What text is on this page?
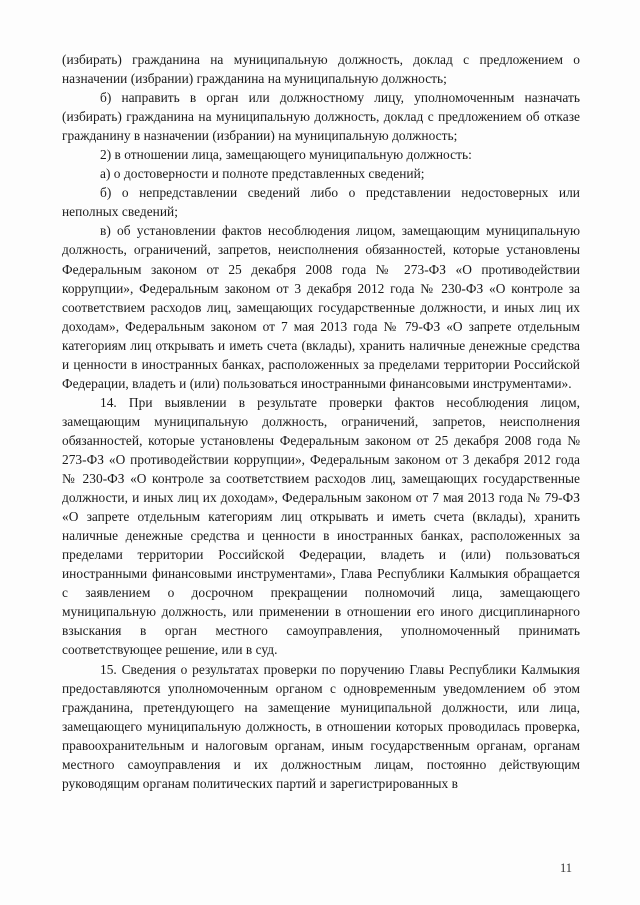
(избирать) гражданина на муниципальную должность, доклад с предложением о назначении (избрании) гражданина на муниципальную должность;

б) направить в орган или должностному лицу, уполномоченным назначать (избирать) гражданина на муниципальную должность, доклад с предложением об отказе гражданину в назначении (избрании) на муниципальную должность;

2) в отношении лица, замещающего муниципальную должность:

а) о достоверности и полноте представленных сведений;

б) о непредставлении сведений либо о представлении недостоверных или неполных сведений;

в) об установлении фактов несоблюдения лицом, замещающим муниципальную должность, ограничений, запретов, неисполнения обязанностей, которые установлены Федеральным законом от 25 декабря 2008 года № 273-ФЗ «О противодействии коррупции», Федеральным законом от 3 декабря 2012 года № 230-ФЗ «О контроле за соответствием расходов лиц, замещающих государственные должности, и иных лиц их доходам», Федеральным законом от 7 мая 2013 года № 79-ФЗ «О запрете отдельным категориям лиц открывать и иметь счета (вклады), хранить наличные денежные средства и ценности в иностранных банках, расположенных за пределами территории Российской Федерации, владеть и (или) пользоваться иностранными финансовыми инструментами».

14. При выявлении в результате проверки фактов несоблюдения лицом, замещающим муниципальную должность, ограничений, запретов, неисполнения обязанностей, которые установлены Федеральным законом от 25 декабря 2008 года № 273-ФЗ «О противодействии коррупции», Федеральным законом от 3 декабря 2012 года № 230-ФЗ «О контроле за соответствием расходов лиц, замещающих государственные должности, и иных лиц их доходам», Федеральным законом от 7 мая 2013 года № 79-ФЗ «О запрете отдельным категориям лиц открывать и иметь счета (вклады), хранить наличные денежные средства и ценности в иностранных банках, расположенных за пределами территории Российской Федерации, владеть и (или) пользоваться иностранными финансовыми инструментами», Глава Республики Калмыкия обращается с заявлением о досрочном прекращении полномочий лица, замещающего муниципальную должность, или применении в отношении его иного дисциплинарного взыскания в орган местного самоуправления, уполномоченный принимать соответствующее решение, или в суд.

15. Сведения о результатах проверки по поручению Главы Республики Калмыкия предоставляются уполномоченным органом с одновременным уведомлением об этом гражданина, претендующего на замещение муниципальной должности, или лица, замещающего муниципальную должность, в отношении которых проводилась проверка, правоохранительным и налоговым органам, иным государственным органам, органам местного самоуправления и их должностным лицам, постоянно действующим руководящим органам политических партий и зарегистрированных в

11
